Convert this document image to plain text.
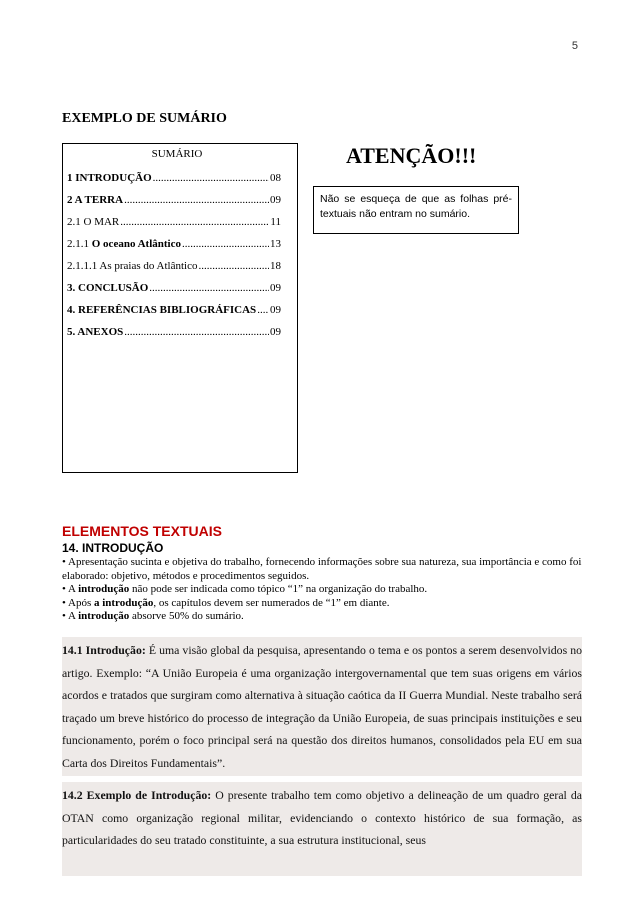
5
EXEMPLO DE SUMÁRIO
SUMÁRIO
1 INTRODUÇÃO .....	08
2 A TERRA .....	09
2.1 O MAR .....	11
2.1.1 O oceano Atlântico .....	13
2.1.1.1 As praias do Atlântico .....	18
3. CONCLUSÃO .....	09
4. REFERÊNCIAS BIBLIOGRÁFICAS ..... 09
5. ANEXOS .....	09
ATENÇÃO!!!
Não se esqueça de que as folhas pré-textuais não entram no sumário.
ELEMENTOS TEXTUAIS
14. INTRODUÇÃO

• Apresentação sucinta e objetiva do trabalho, fornecendo informações sobre sua natureza, sua importância e como foi elaborado: objetivo, métodos e procedimentos seguidos.

• A introdução não pode ser indicada como tópico “1” na organização do trabalho.

• Após a introdução, os capítulos devem ser numerados de “1” em diante.

• A introdução absorve 50% do sumário.

14.1 Introdução: É uma visão global da pesquisa, apresentando o tema e os pontos a serem desenvolvidos no artigo. Exemplo: “A União Europeia é uma organização intergovernamental que tem suas origens em vários acordos e tratados que surgiram como alternativa à situação caótica da II Guerra Mundial. Neste trabalho será traçado um breve histórico do processo de integração da União Europeia, de suas principais instituições e seu funcionamento, porém o foco principal será na questão dos direitos humanos, consolidados pela EU em sua Carta dos Direitos Fundamentais”.

14.2 Exemplo de Introdução: O presente trabalho tem como objetivo a delineação de um quadro geral da OTAN como organização regional militar, evidenciando o contexto histórico de sua formação, as particularidades do seu tratado constituinte, a sua estrutura institucional, seus
